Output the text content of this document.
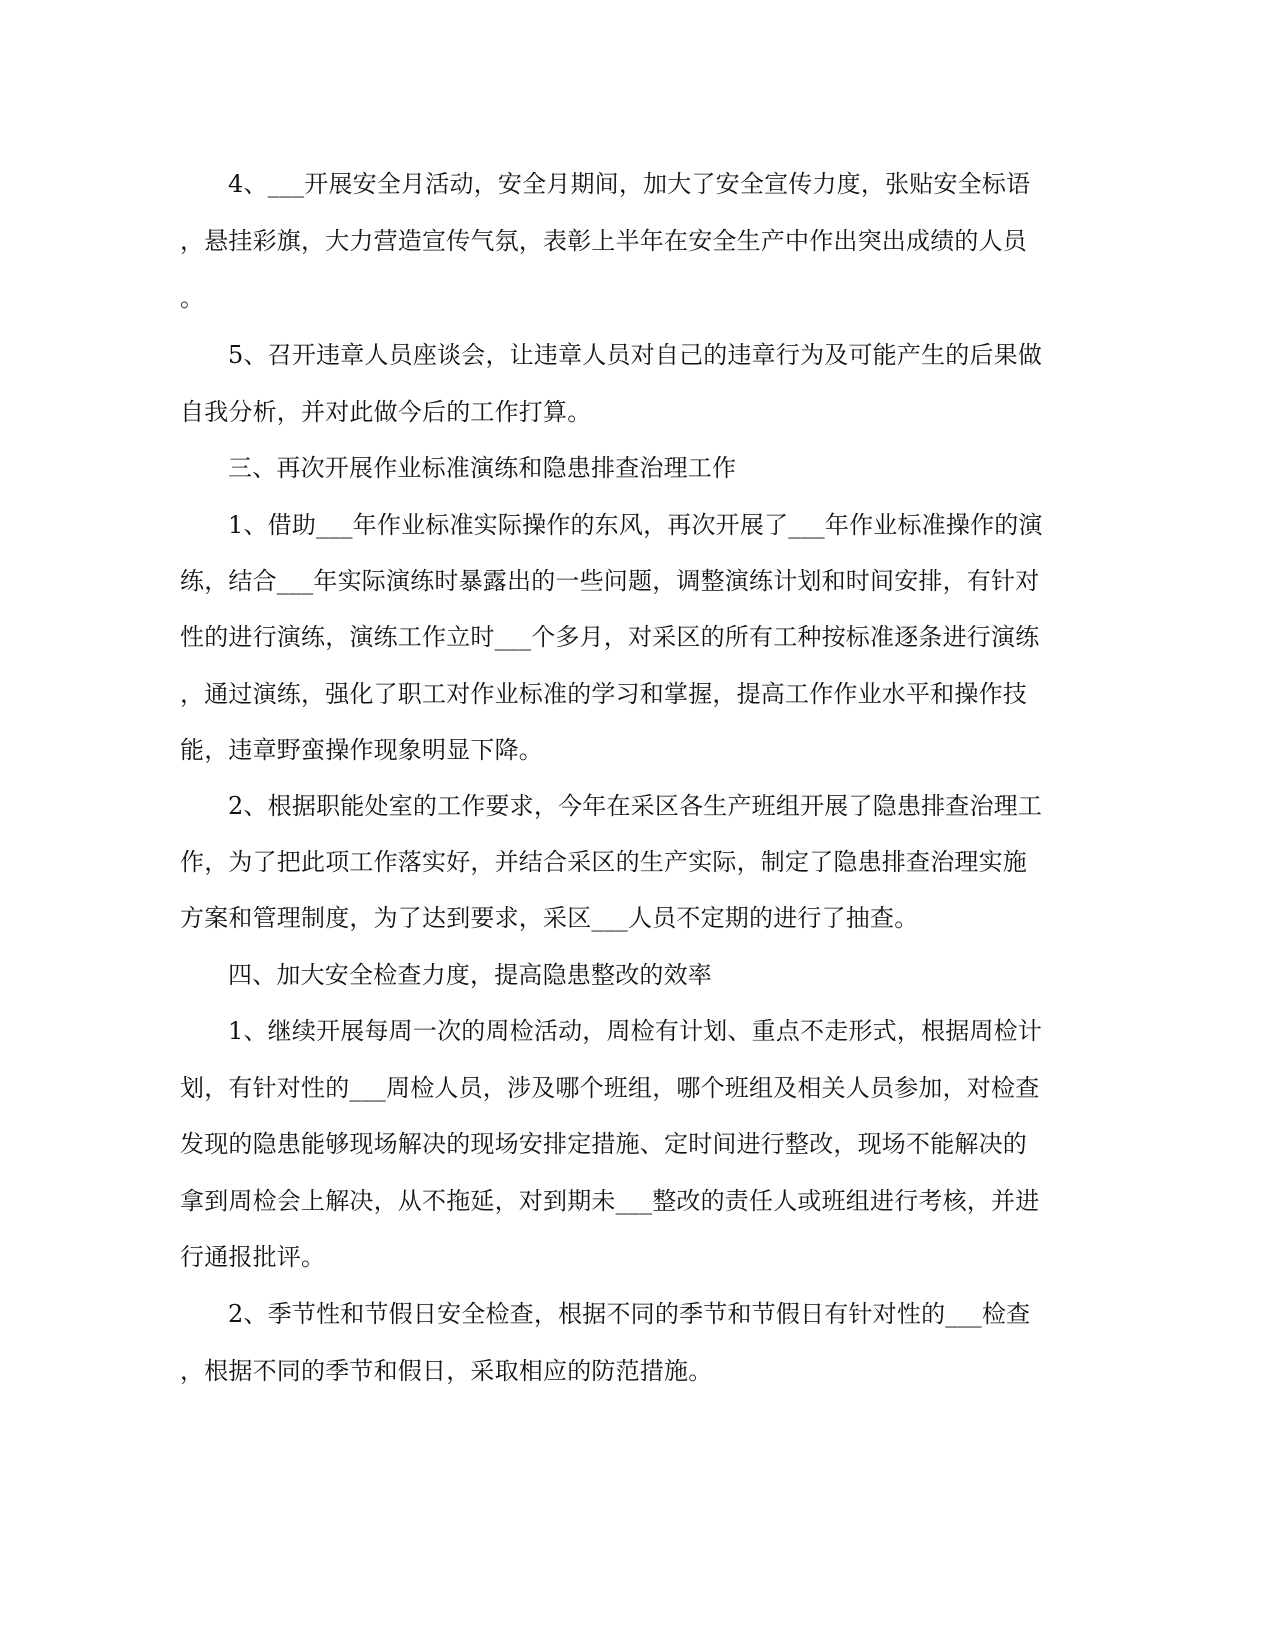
4、___开展安全月活动，安全月期间，加大了安全宣传力度，张贴安全标语
，悬挂彩旗，大力营造宣传气氛，表彰上半年在安全生产中作出突出成绩的人员
。
5、召开违章人员座谈会，让违章人员对自己的违章行为及可能产生的后果做
自我分析，并对此做今后的工作打算。
三、再次开展作业标准演练和隐患排查治理工作
1、借助___年作业标准实际操作的东风，再次开展了___年作业标准操作的演
练，结合___年实际演练时暴露出的一些问题，调整演练计划和时间安排，有针对
性的进行演练，演练工作立时___个多月，对采区的所有工种按标准逐条进行演练
，通过演练，强化了职工对作业标准的学习和掌握，提高工作作业水平和操作技
能，违章野蛮操作现象明显下降。
2、根据职能处室的工作要求，今年在采区各生产班组开展了隐患排查治理工
作，为了把此项工作落实好，并结合采区的生产实际，制定了隐患排查治理实施
方案和管理制度，为了达到要求，采区___人员不定期的进行了抽查。
四、加大安全检查力度，提高隐患整改的效率
1、继续开展每周一次的周检活动，周检有计划、重点不走形式，根据周检计
划，有针对性的___周检人员，涉及哪个班组，哪个班组及相关人员参加，对检查
发现的隐患能够现场解决的现场安排定措施、定时间进行整改，现场不能解决的
拿到周检会上解决，从不拖延，对到期未___整改的责任人或班组进行考核，并进
行通报批评。
2、季节性和节假日安全检查，根据不同的季节和节假日有针对性的___检查
，根据不同的季节和假日，采取相应的防范措施。
